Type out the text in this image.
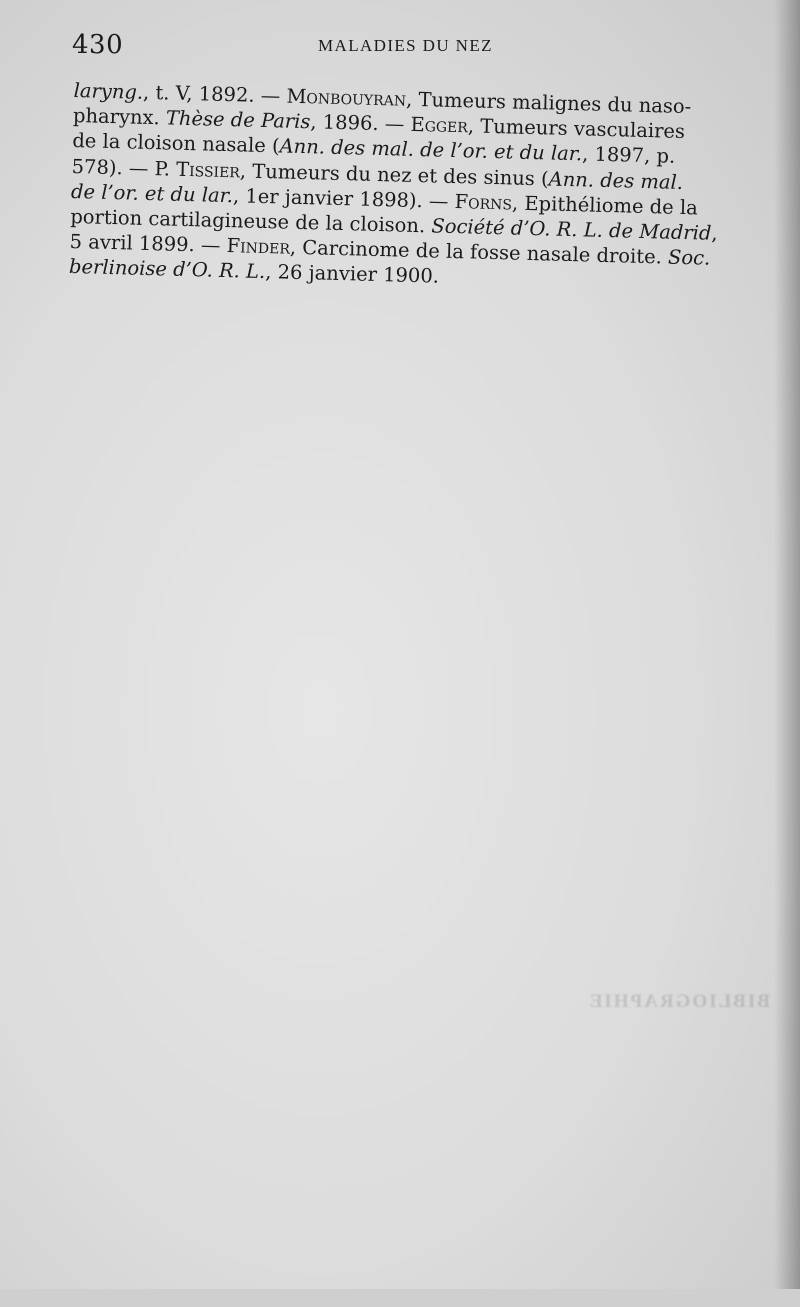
430	MALADIES DU NEZ
laryng., t. V, 1892. — Monbouyran, Tumeurs malignes du naso-
pharynx. Thèse de Paris, 1896. — Egger, Tumeurs vasculaires
de la cloison nasale (Ann. des mal. de l’or. et du lar., 1897, p.
578). — P. Tissier, Tumeurs du nez et des sinus (Ann. des mal.
de l’or. et du lar., 1er janvier 1898). — Forns, Epithéliome de la
portion cartilagineuse de la cloison. Société d’O. R. L. de Madrid,
5 avril 1899. — Finder, Carcinome de la fosse nasale droite. Soc.
berlinoise d’O. R. L., 26 janvier 1900.
BIBLIOGRAPHIE
